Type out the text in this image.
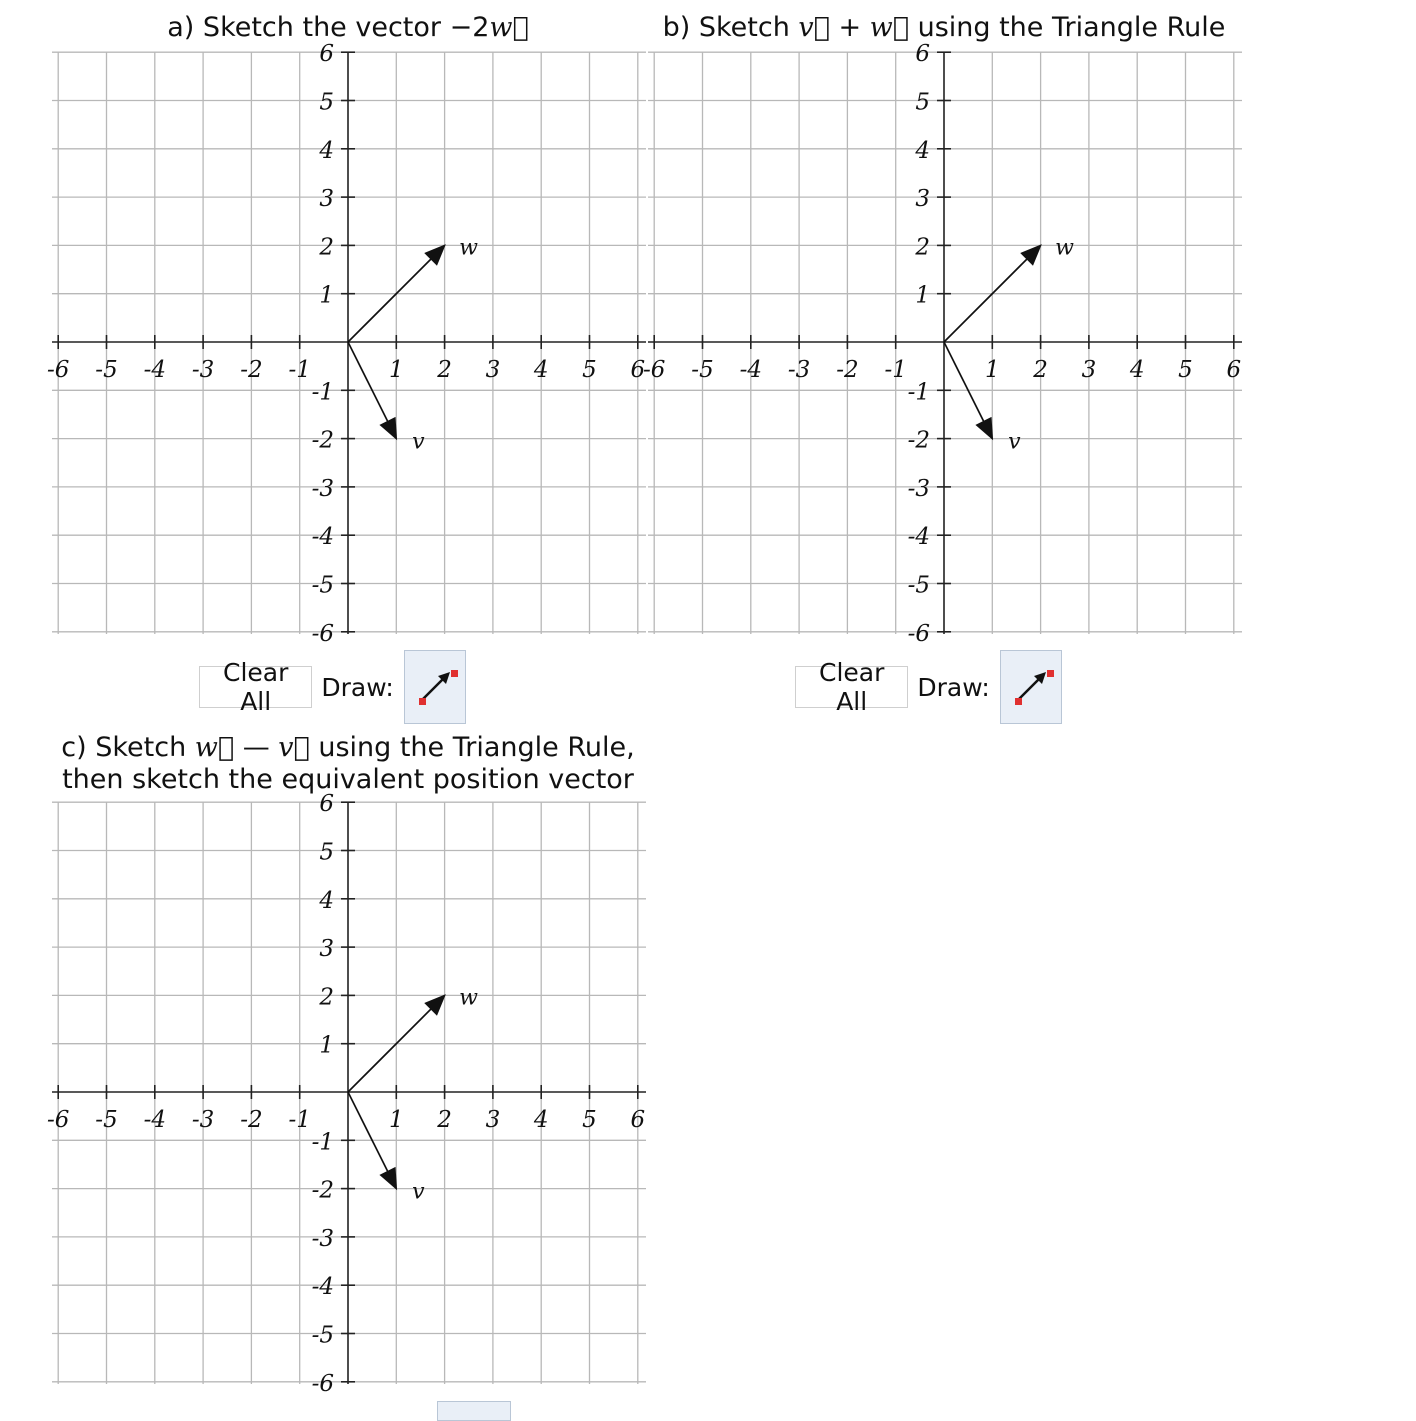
a) Sketch the vector −2w⃗
-6 -5 -4 -3 -2 -1	1 2 3 4 5 6
6
5
4
3
2
1
-1
-2
-3
-4
-5
-6
w
v
Clear All	Draw:
b) Sketch v⃗ + w⃗ using the Triangle Rule
-6 -5 -4 -3 -2 -1	1 2 3 4 5 6
6
5
4
3
2
1
-1
-2
-3
-4
-5
-6
w
v
Clear All	Draw:
c) Sketch w⃗ — v⃗ using the Triangle Rule,
then sketch the equivalent position vector
-6 -5 -4 -3 -2 -1	1 2 3 4 5 6
6
5
4
3
2
1
-1
-2
-3
-4
-5
-6
w
v
